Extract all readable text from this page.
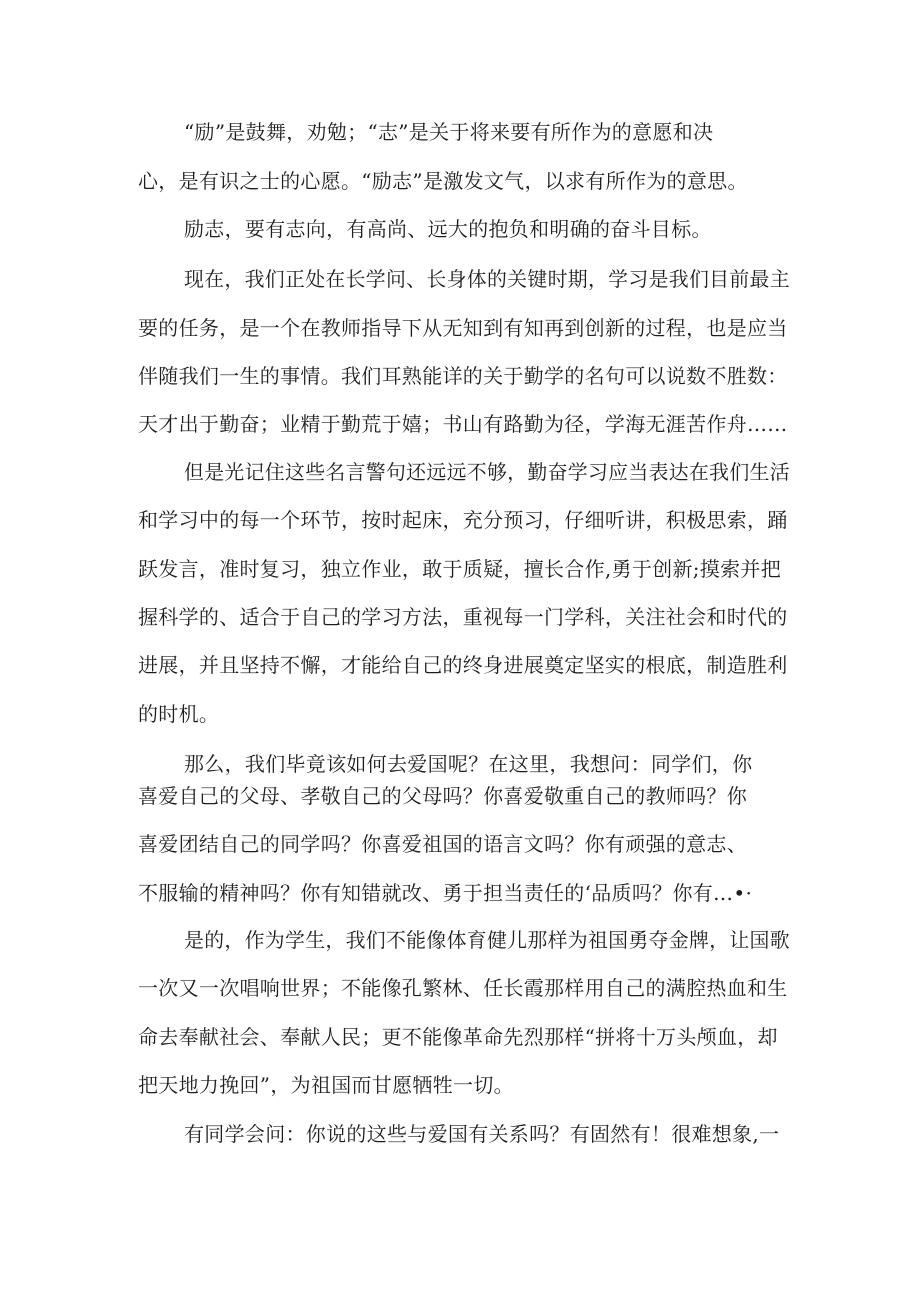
“励”是鼓舞，劝勉；“志”是关于将来要有所作为的意愿和决
心，是有识之士的心愿。“励志”是激发文气，以求有所作为的意思。
励志，要有志向，有高尚、远大的抱负和明确的奋斗目标。
现在，我们正处在长学问、长身体的关键时期，学习是我们目前最主
要的任务，是一个在教师指导下从无知到有知再到创新的过程，也是应当
伴随我们一生的事情。我们耳熟能详的关于勤学的名句可以说数不胜数：
天才出于勤奋；业精于勤荒于嬉；书山有路勤为径，学海无涯苦作舟……
但是光记住这些名言警句还远远不够，勤奋学习应当表达在我们生活
和学习中的每一个环节，按时起床，充分预习，仔细听讲，积极思索，踊
跃发言，准时复习，独立作业，敢于质疑，擅长合作,勇于创新;摸索并把
握科学的、适合于自己的学习方法，重视每一门学科，关注社会和时代的
进展，并且坚持不懈，才能给自己的终身进展奠定坚实的根底，制造胜利
的时机。
那么，我们毕竟该如何去爱国呢？在这里，我想问：同学们，你
喜爱自己的父母、孝敬自己的父母吗？你喜爱敬重自己的教师吗？你
喜爱团结自己的同学吗？你喜爱祖国的语言文吗？你有顽强的意志、
不服输的精神吗？你有知错就改、勇于担当责任的‘品质吗？你有…•·
是的，作为学生，我们不能像体育健儿那样为祖国勇夺金牌，让国歌
一次又一次唱响世界；不能像孔繁林、任长霞那样用自己的满腔热血和生
命去奉献社会、奉献人民；更不能像革命先烈那样“拼将十万头颅血，却
把天地力挽回”，为祖国而甘愿牺牲一切。
有同学会问：你说的这些与爱国有关系吗？有固然有！很难想象,一
